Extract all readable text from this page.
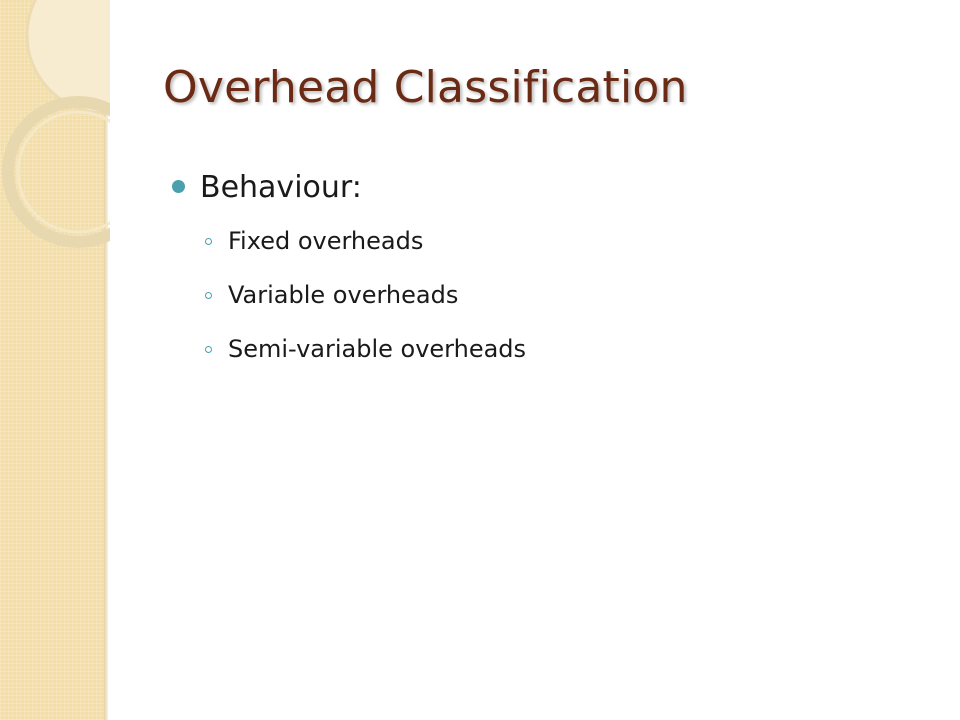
Overhead Classification
Behaviour:
Fixed overheads
Variable overheads
Semi-variable overheads
